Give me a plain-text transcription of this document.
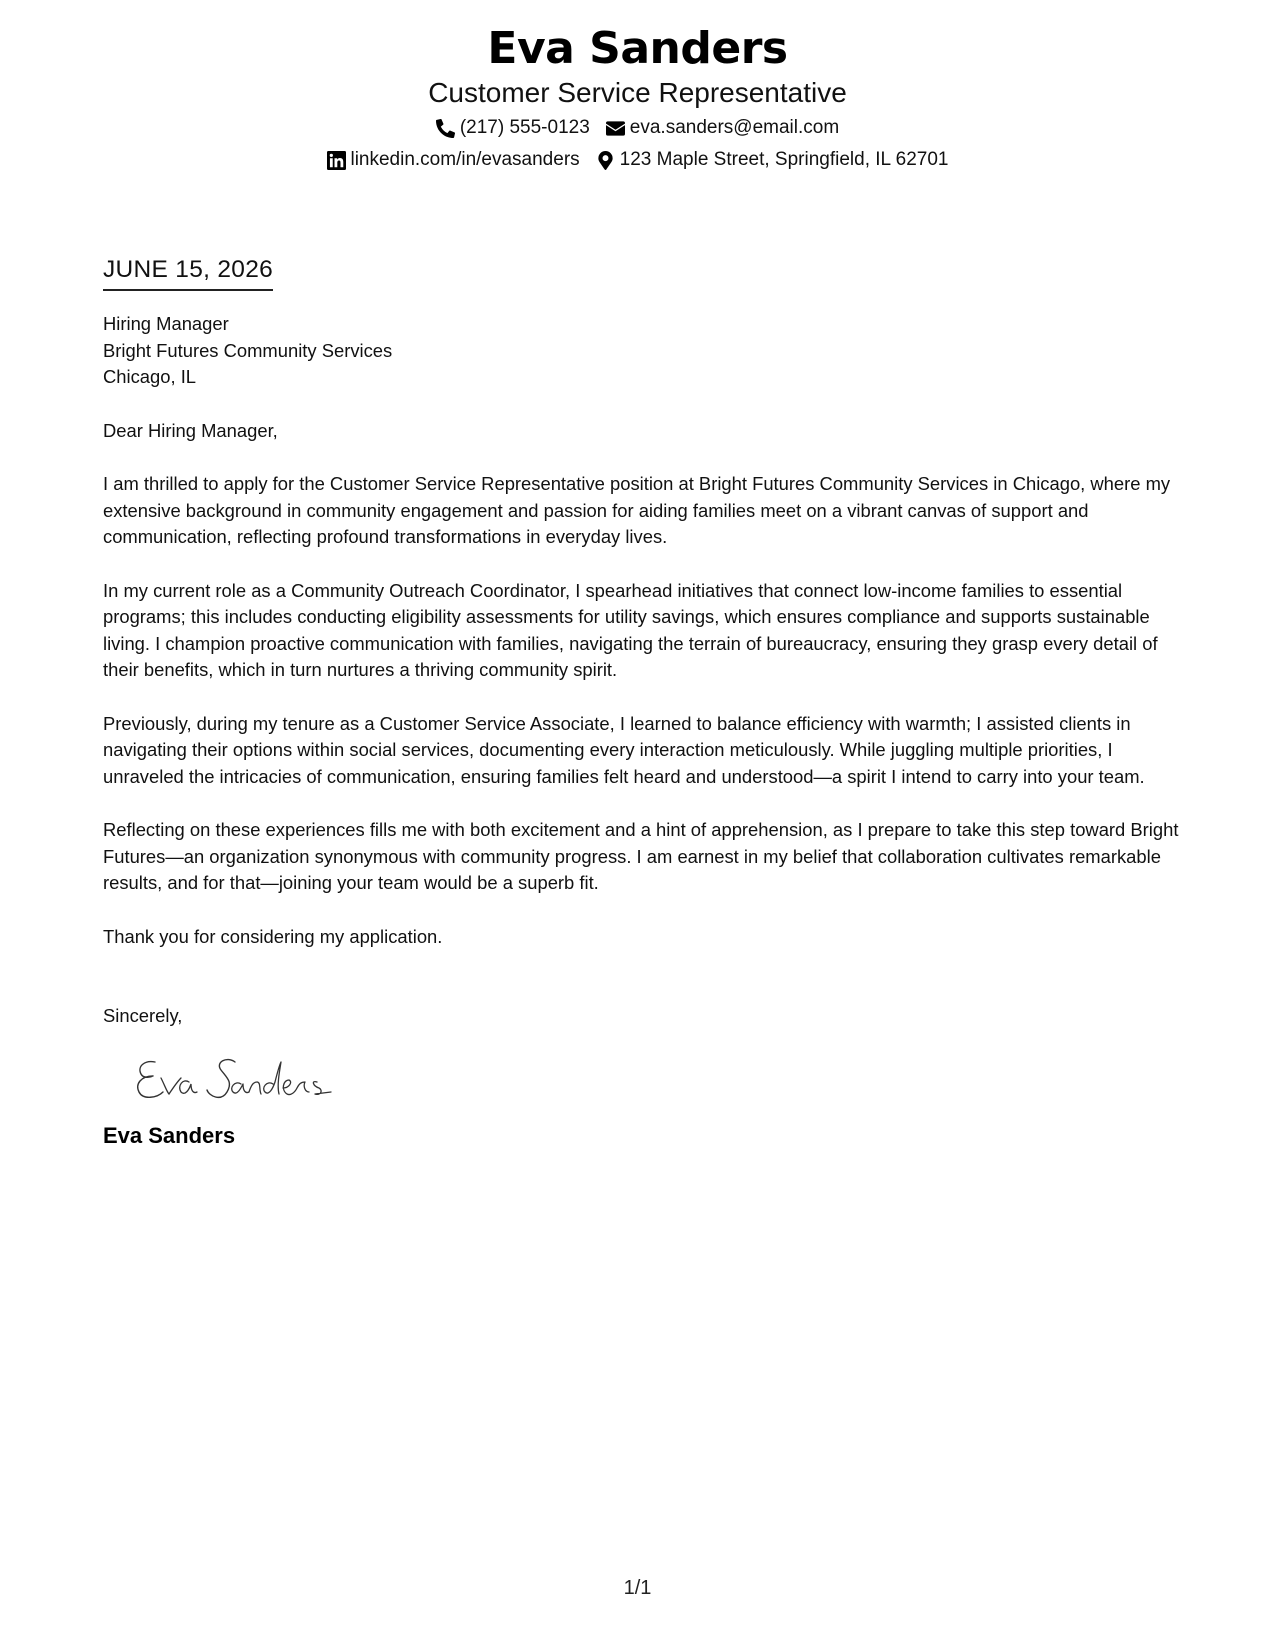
Eva Sanders
Customer Service Representative
(217) 555-0123 eva.sanders@email.com
linkedin.com/in/evasanders 123 Maple Street, Springfield, IL 62701
JUNE 15, 2026
Hiring Manager
Bright Futures Community Services
Chicago, IL
Dear Hiring Manager,
I am thrilled to apply for the Customer Service Representative position at Bright Futures Community Services in Chicago, where my extensive background in community engagement and passion for aiding families meet on a vibrant canvas of support and communication, reflecting profound transformations in everyday lives.
In my current role as a Community Outreach Coordinator, I spearhead initiatives that connect low-income families to essential programs; this includes conducting eligibility assessments for utility savings, which ensures compliance and supports sustainable living. I champion proactive communication with families, navigating the terrain of bureaucracy, ensuring they grasp every detail of their benefits, which in turn nurtures a thriving community spirit.
Previously, during my tenure as a Customer Service Associate, I learned to balance efficiency with warmth; I assisted clients in navigating their options within social services, documenting every interaction meticulously. While juggling multiple priorities, I unraveled the intricacies of communication, ensuring families felt heard and understood—a spirit I intend to carry into your team.
Reflecting on these experiences fills me with both excitement and a hint of apprehension, as I prepare to take this step toward Bright Futures—an organization synonymous with community progress. I am earnest in my belief that collaboration cultivates remarkable results, and for that—joining your team would be a superb fit.
Thank you for considering my application.
Sincerely,
Eva Sanders
1/1
